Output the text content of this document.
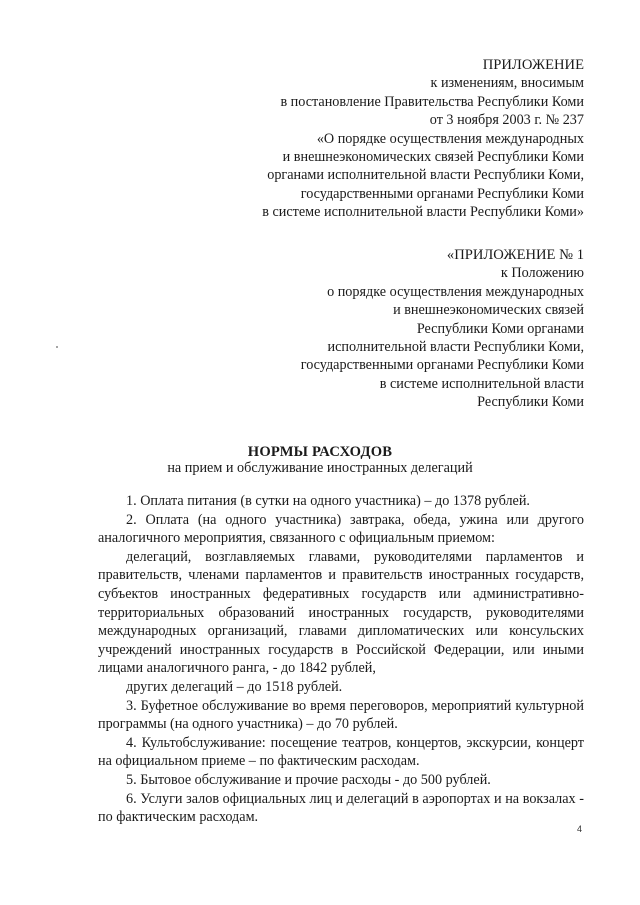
ПРИЛОЖЕНИЕ
к изменениям, вносимым
в постановление Правительства Республики Коми
от 3 ноября 2003 г. № 237
«О порядке осуществления международных
и внешнеэкономических связей Республики Коми
органами исполнительной власти Республики Коми,
государственными органами Республики Коми
в системе исполнительной власти Республики Коми»
«ПРИЛОЖЕНИЕ № 1
к Положению
о порядке осуществления международных
и внешнеэкономических связей
Республики Коми органами
исполнительной власти Республики Коми,
государственными органами Республики Коми
в системе исполнительной власти
Республики Коми
НОРМЫ РАСХОДОВ
на прием и обслуживание иностранных делегаций

1. Оплата питания (в сутки на одного участника) – до 1378 рублей.

2. Оплата (на одного участника) завтрака, обеда, ужина или другого аналогичного мероприятия, связанного с официальным приемом:

делегаций, возглавляемых главами, руководителями парламентов и правительств, членами парламентов и правительств иностранных государств, субъектов иностранных федеративных государств или административно-территориальных образований иностранных государств, руководителями международных организаций, главами дипломатических или консульских учреждений иностранных государств в Российской Федерации, или иными лицами аналогичного ранга, - до 1842 рублей,

других делегаций – до 1518 рублей.

3. Буфетное обслуживание во время переговоров, мероприятий культурной программы (на одного участника) – до 70 рублей.

4. Культобслуживание: посещение театров, концертов, экскурсии, концерт на официальном приеме – по фактическим расходам.

5. Бытовое обслуживание и прочие расходы - до 500 рублей.

6. Услуги залов официальных лиц и делегаций в аэропортах и на вокзалах - по фактическим расходам.

4
